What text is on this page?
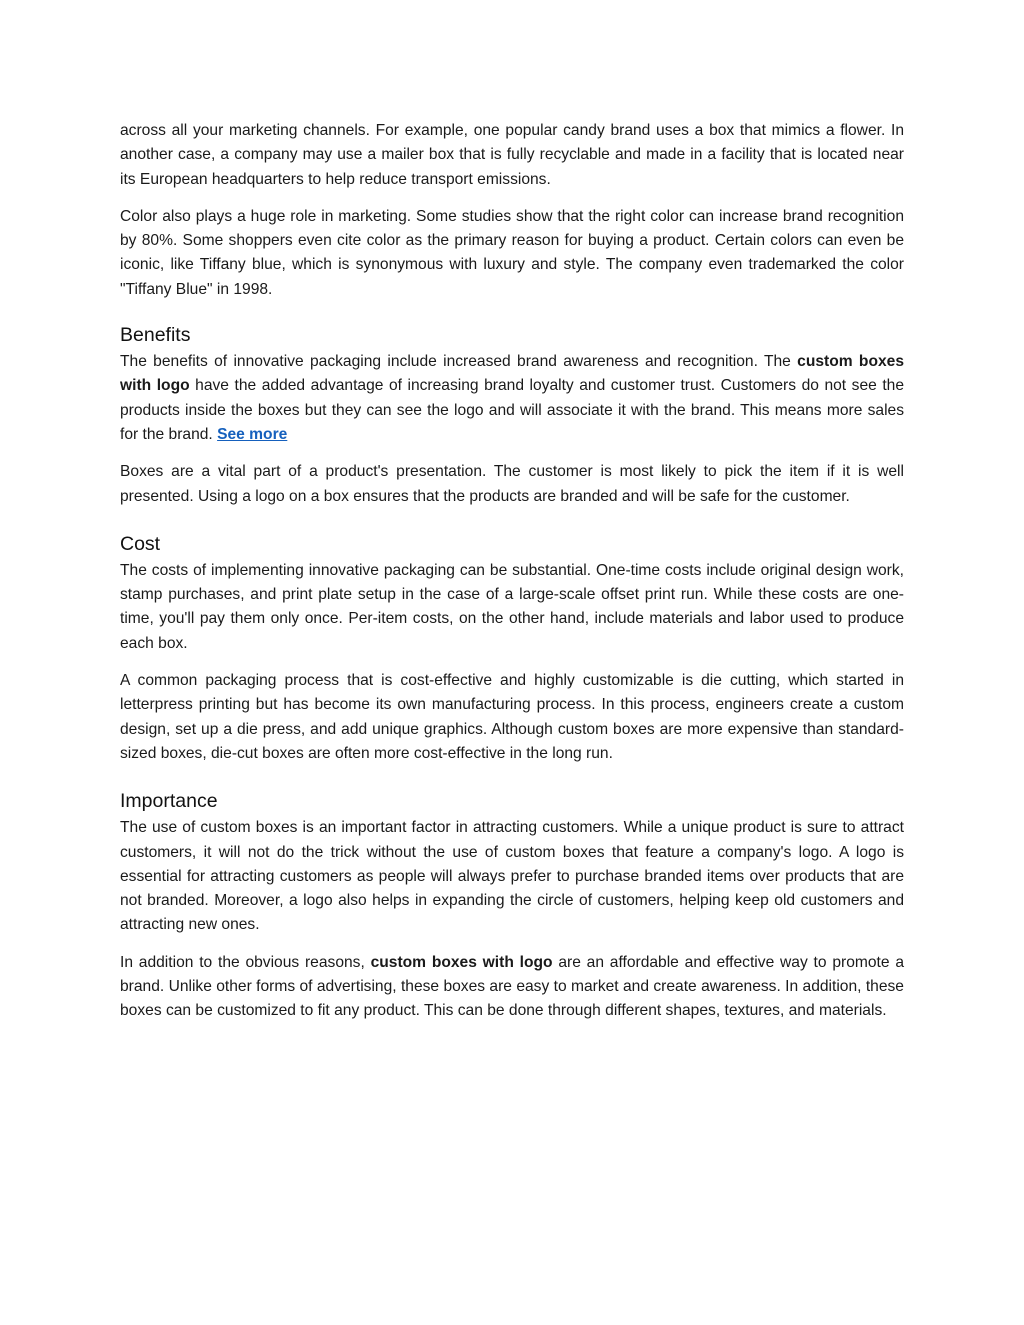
across all your marketing channels. For example, one popular candy brand uses a box that mimics a flower. In another case, a company may use a mailer box that is fully recyclable and made in a facility that is located near its European headquarters to help reduce transport emissions.

Color also plays a huge role in marketing. Some studies show that the right color can increase brand recognition by 80%. Some shoppers even cite color as the primary reason for buying a product. Certain colors can even be iconic, like Tiffany blue, which is synonymous with luxury and style. The company even trademarked the color "Tiffany Blue" in 1998.

Benefits

The benefits of innovative packaging include increased brand awareness and recognition. The custom boxes with logo have the added advantage of increasing brand loyalty and customer trust. Customers do not see the products inside the boxes but they can see the logo and will associate it with the brand. This means more sales for the brand. See more

Boxes are a vital part of a product's presentation. The customer is most likely to pick the item if it is well presented. Using a logo on a box ensures that the products are branded and will be safe for the customer.

Cost

The costs of implementing innovative packaging can be substantial. One-time costs include original design work, stamp purchases, and print plate setup in the case of a large-scale offset print run. While these costs are one-time, you'll pay them only once. Per-item costs, on the other hand, include materials and labor used to produce each box.

A common packaging process that is cost-effective and highly customizable is die cutting, which started in letterpress printing but has become its own manufacturing process. In this process, engineers create a custom design, set up a die press, and add unique graphics. Although custom boxes are more expensive than standard-sized boxes, die-cut boxes are often more cost-effective in the long run.

Importance

The use of custom boxes is an important factor in attracting customers. While a unique product is sure to attract customers, it will not do the trick without the use of custom boxes that feature a company's logo. A logo is essential for attracting customers as people will always prefer to purchase branded items over products that are not branded. Moreover, a logo also helps in expanding the circle of customers, helping keep old customers and attracting new ones.

In addition to the obvious reasons, custom boxes with logo are an affordable and effective way to promote a brand. Unlike other forms of advertising, these boxes are easy to market and create awareness. In addition, these boxes can be customized to fit any product. This can be done through different shapes, textures, and materials.
